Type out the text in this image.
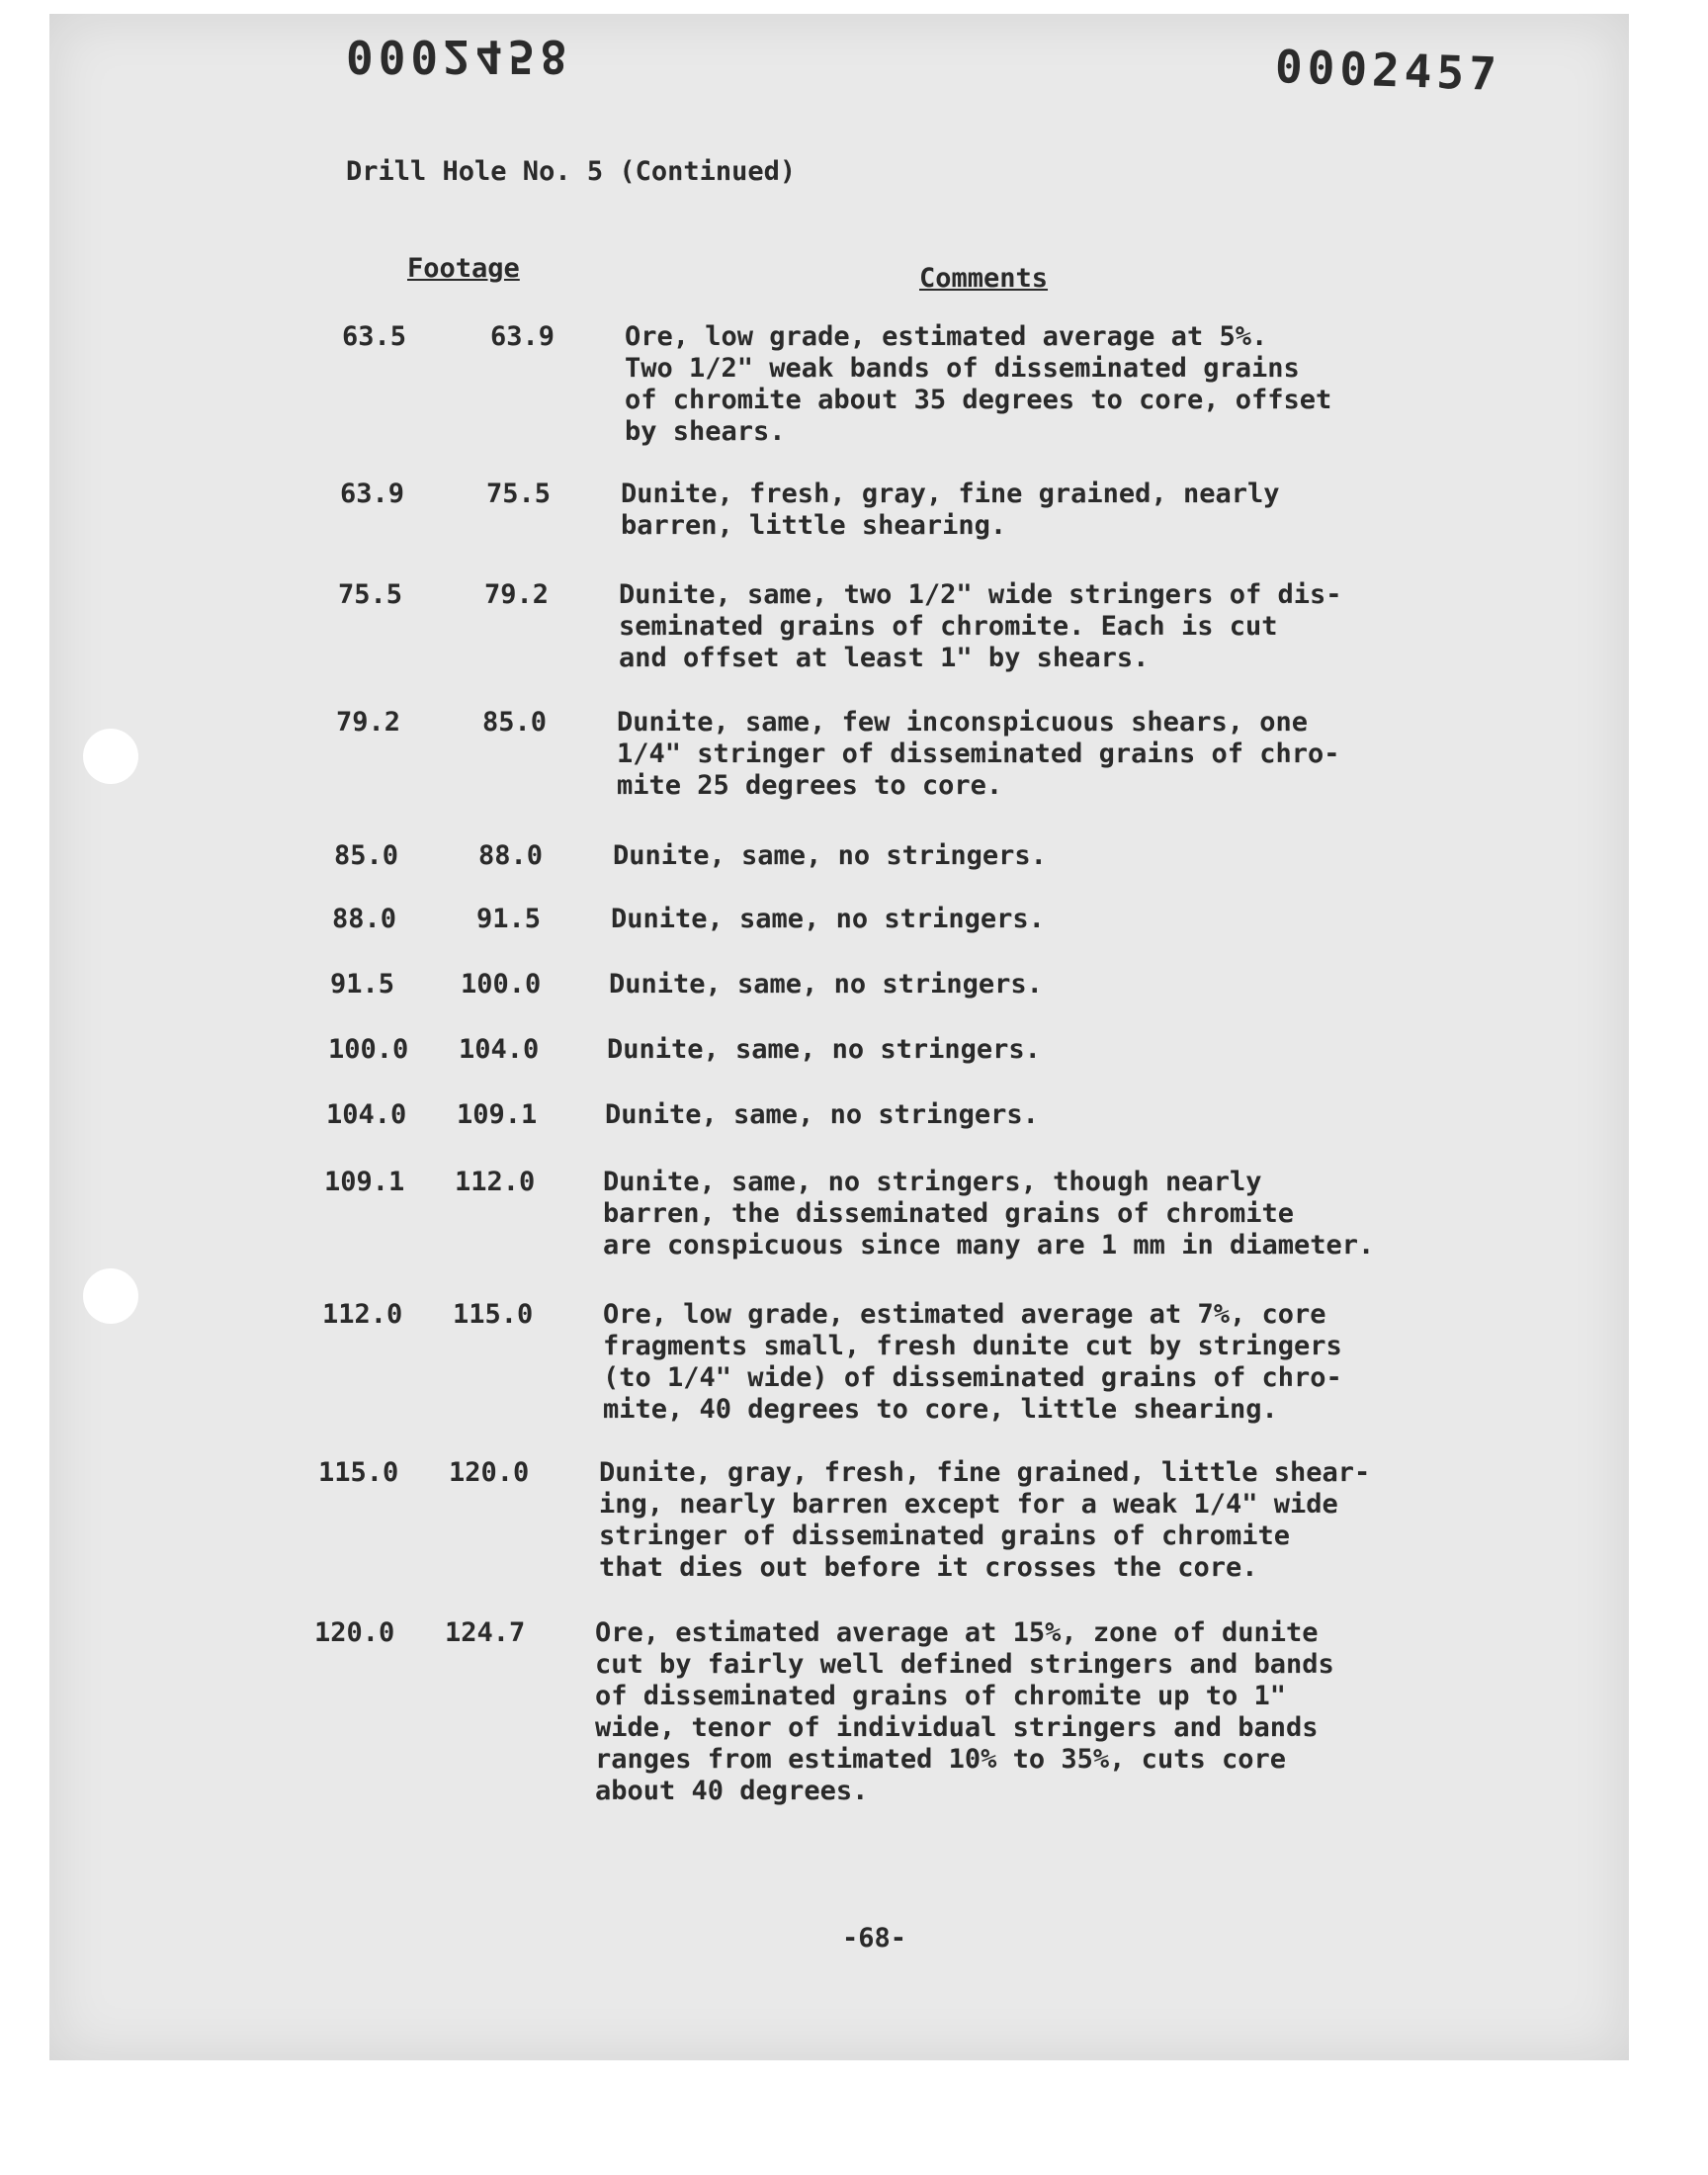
0002458	0002457
Drill Hole No. 5 (Continued)
Footage	Comments
63.5	63.9	Ore, low grade, estimated average at 5%.
Two 1/2" weak bands of disseminated grains
of chromite about 35 degrees to core, offset
by shears.
63.9	75.5	Dunite, fresh, gray, fine grained, nearly
barren, little shearing.
75.5	79.2	Dunite, same, two 1/2" wide stringers of dis-
seminated grains of chromite. Each is cut
and offset at least 1" by shears.
79.2	85.0	Dunite, same, few inconspicuous shears, one
1/4" stringer of disseminated grains of chro-
mite 25 degrees to core.
85.0	88.0	Dunite, same, no stringers.
88.0	91.5	Dunite, same, no stringers.
91.5 100.0	Dunite, same, no stringers.
100.0 104.0	Dunite, same, no stringers.
104.0 109.1	Dunite, same, no stringers.
109.1 112.0	Dunite, same, no stringers, though nearly
barren, the disseminated grains of chromite
are conspicuous since many are 1 mm in diameter.
112.0 115.0	Ore, low grade, estimated average at 7%, core
fragments small, fresh dunite cut by stringers
(to 1/4" wide) of disseminated grains of chro-
mite, 40 degrees to core, little shearing.
115.0 120.0	Dunite, gray, fresh, fine grained, little shear-
ing, nearly barren except for a weak 1/4" wide
stringer of disseminated grains of chromite
that dies out before it crosses the core.
120.0 124.7	Ore, estimated average at 15%, zone of dunite
cut by fairly well defined stringers and bands
of disseminated grains of chromite up to 1"
wide, tenor of individual stringers and bands
ranges from estimated 10% to 35%, cuts core
about 40 degrees.
-68-
